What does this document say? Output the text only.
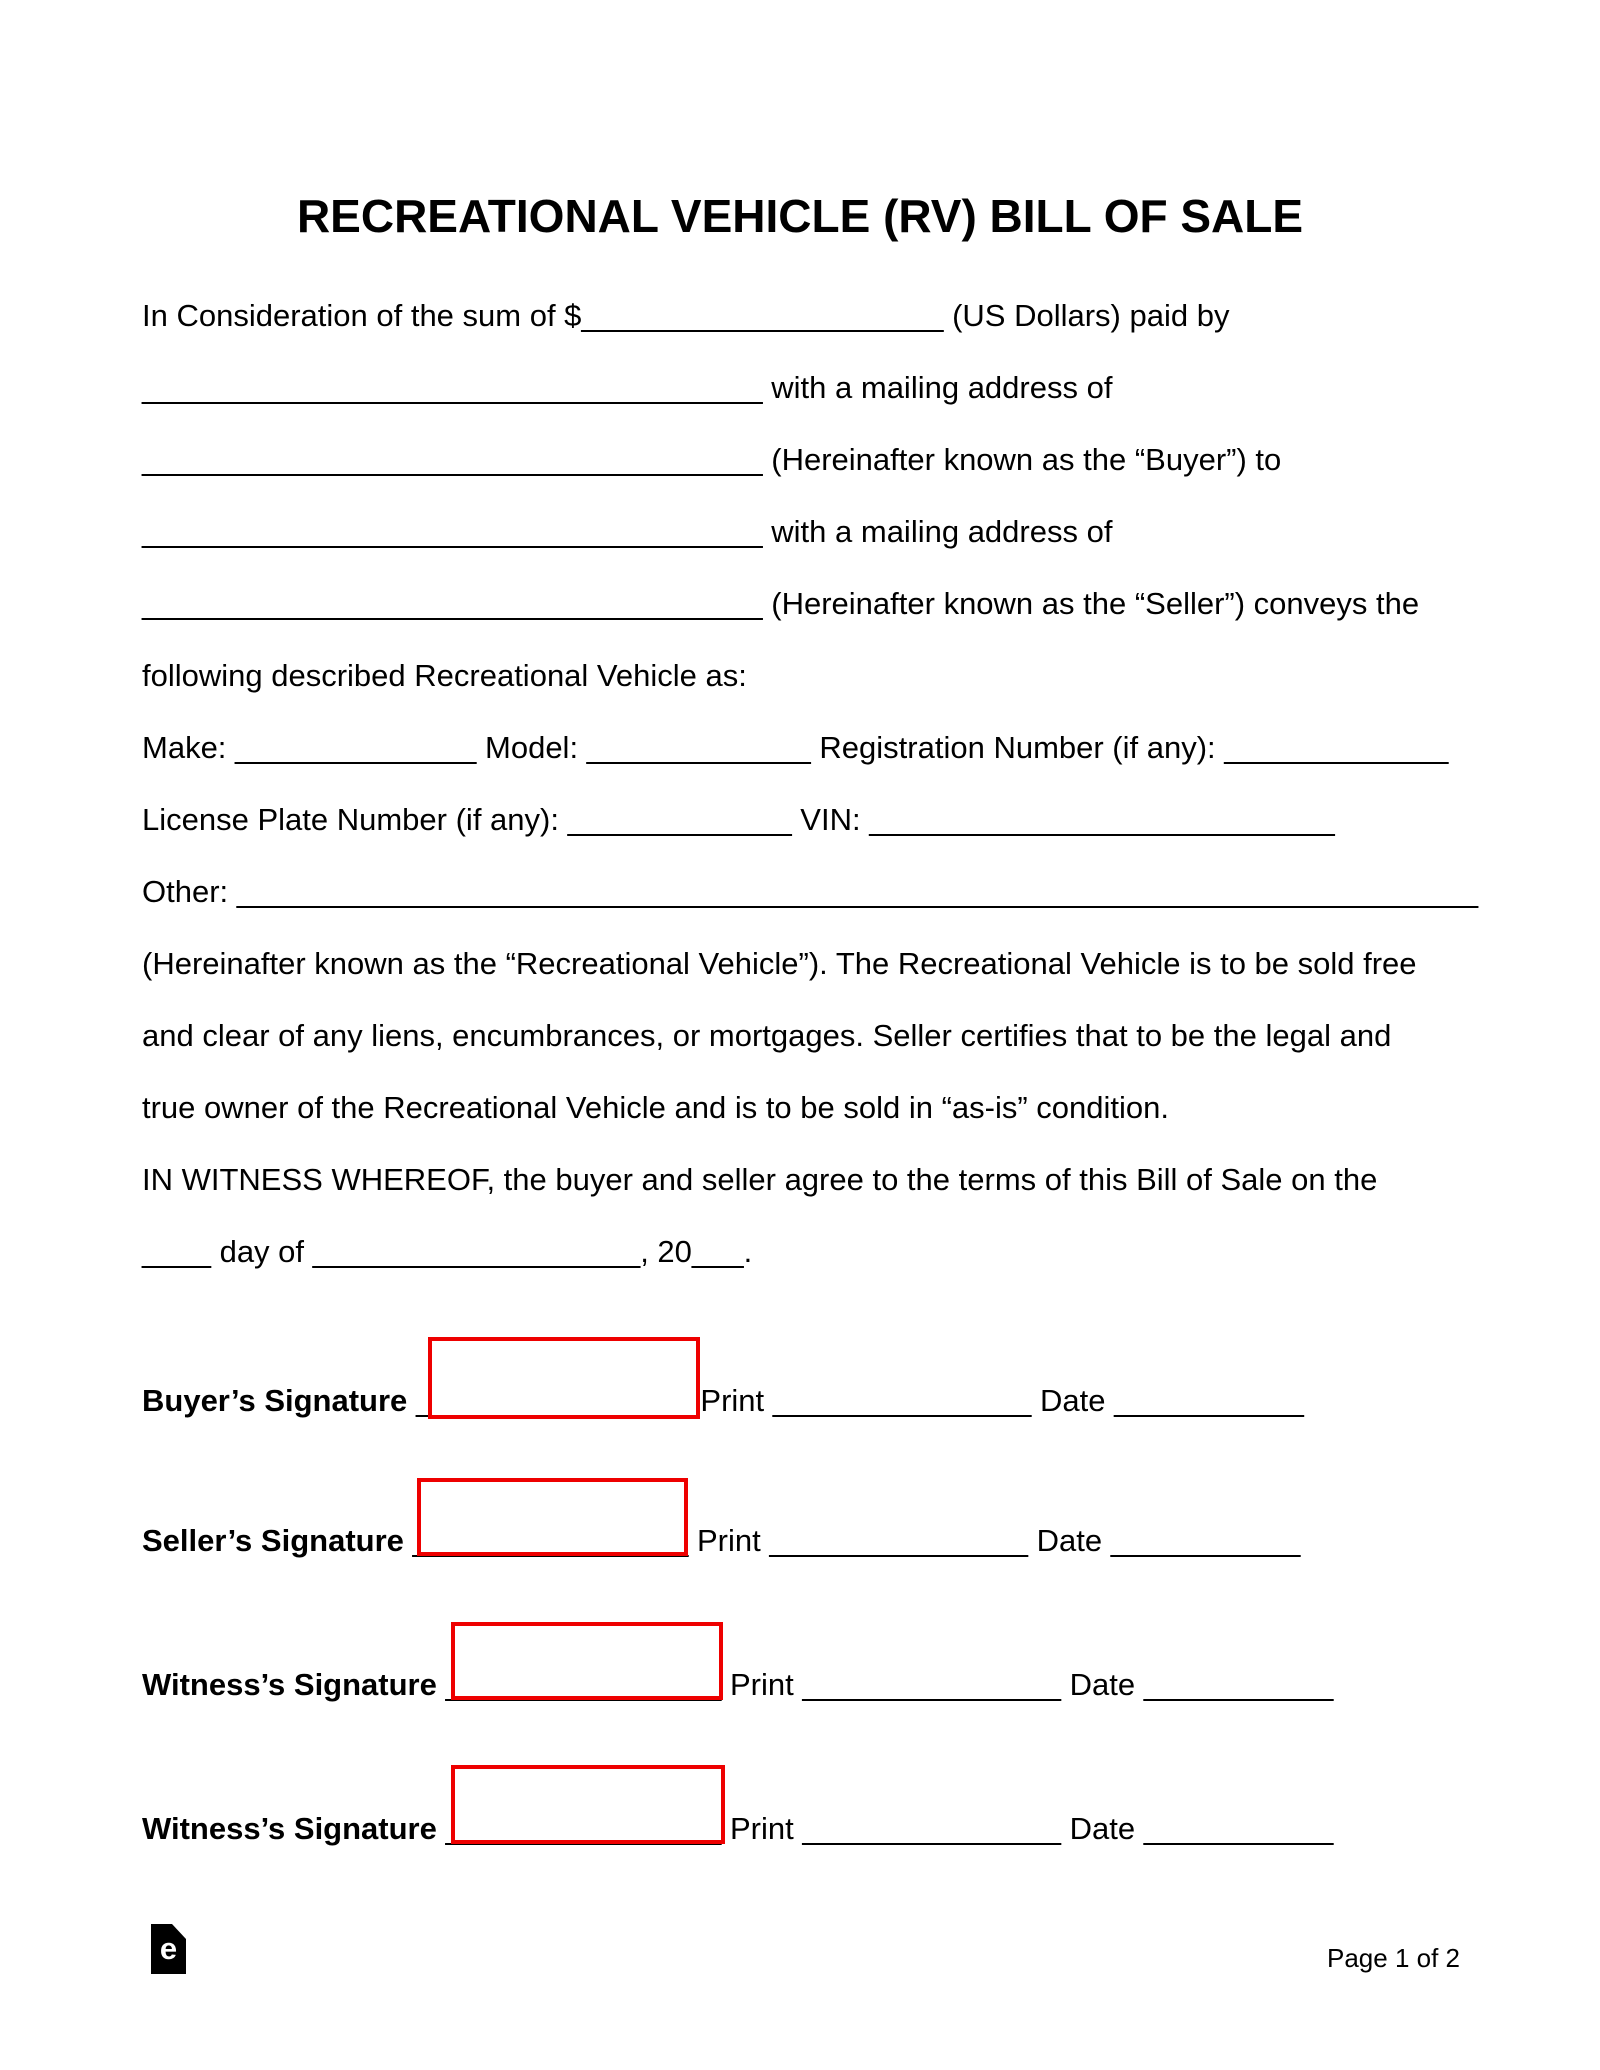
RECREATIONAL VEHICLE (RV) BILL OF SALE
In Consideration of the sum of $_____________________ (US Dollars) paid by
____________________________________ with a mailing address of
____________________________________ (Hereinafter known as the “Buyer”) to
____________________________________ with a mailing address of
____________________________________ (Hereinafter known as the “Seller”) conveys the
following described Recreational Vehicle as:
Make: ______________ Model: _____________ Registration Number (if any): _____________
License Plate Number (if any): _____________ VIN: ___________________________
Other: ________________________________________________________________________
(Hereinafter known as the “Recreational Vehicle”). The Recreational Vehicle is to be sold free
and clear of any liens, encumbrances, or mortgages. Seller certifies that to be the legal and
true owner of the Recreational Vehicle and is to be sold in “as-is” condition.
IN WITNESS WHEREOF, the buyer and seller agree to the terms of this Bill of Sale on the
____ day of ___________________, 20___.
Buyer’s Signature ________________ Print _______________ Date ___________
Seller’s Signature ________________ Print _______________ Date ___________
Witness’s Signature ________________ Print _______________ Date ___________
Witness’s Signature ________________ Print _______________ Date ___________
e	Page 1 of 2
